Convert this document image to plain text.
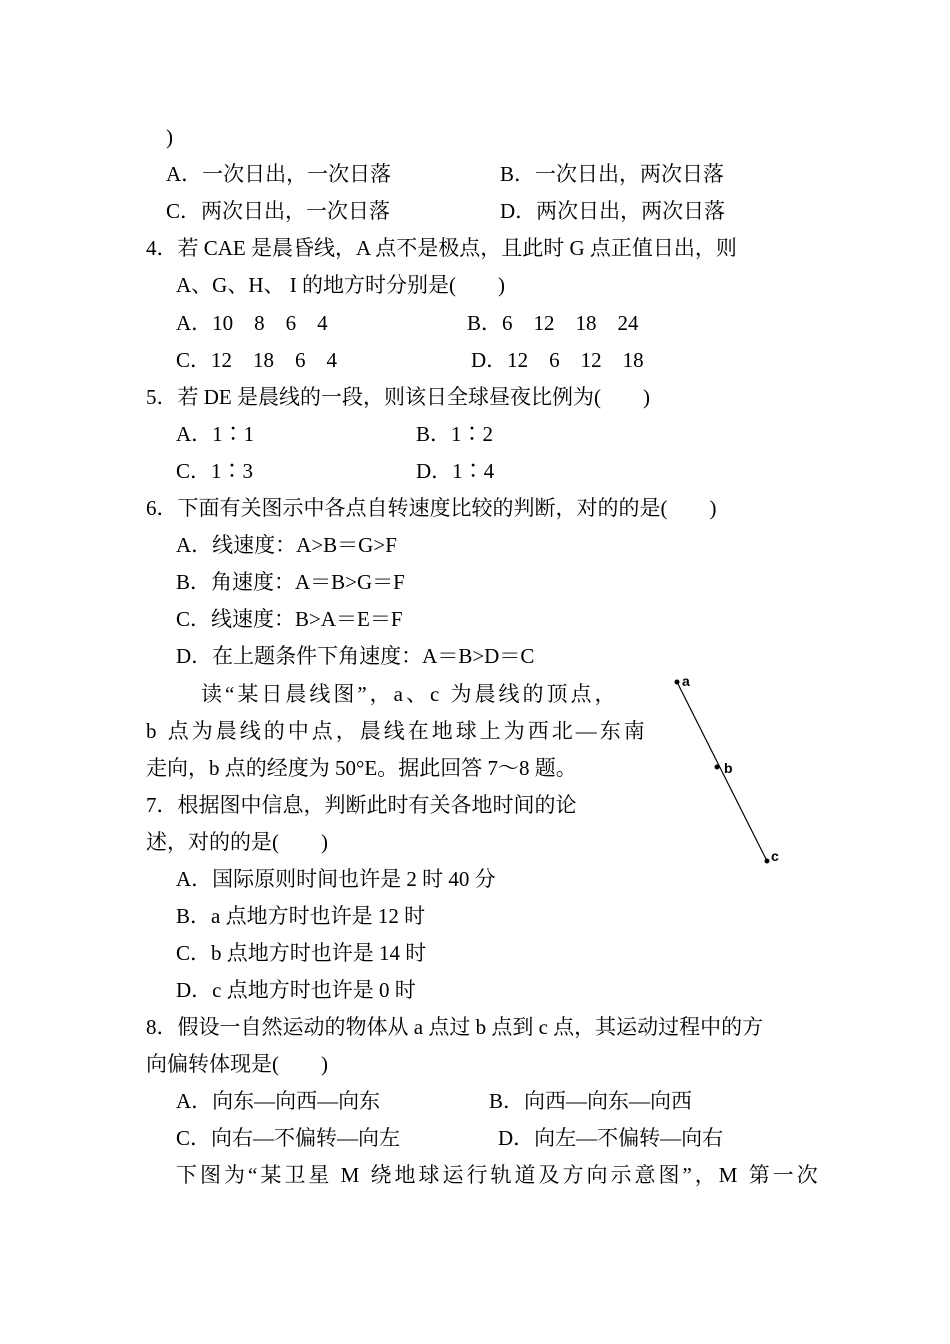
)
A．一次日出，一次日落	B．一次日出，两次日落
C．两次日出，一次日落	D．两次日出，两次日落
4．若 CAE 是晨昏线，A 点不是极点，且此时 G 点正值日出，则
A、G、H、 I 的地方时分别是(　　)
A．10　8　6　4	B．6　12　18　24
C．12　18　6　4	D．12　6　12　18
5．若 DE 是晨线的一段，则该日全球昼夜比例为(　　)
A．1∶1	B．1∶2
C．1∶3	D．1∶4
6．下面有关图示中各点自转速度比较的判断，对的的是(　　)
A．线速度：A>B＝G>F
B．角速度：A＝B>G＝F
C．线速度：B>A＝E＝F
D．在上题条件下角速度：A＝B>D＝C
读“某日晨线图”，a、c 为晨线的顶点，
b 点为晨线的中点，晨线在地球上为西北—东南
走向，b 点的经度为 50°E。据此回答 7～8 题。
a
b
c
7．根据图中信息，判断此时有关各地时间的论
述，对的的是(　　)
A．国际原则时间也许是 2 时 40 分
B．a 点地方时也许是 12 时
C．b 点地方时也许是 14 时
D．c 点地方时也许是 0 时
8．假设一自然运动的物体从 a 点过 b 点到 c 点，其运动过程中的方
向偏转体现是(　　)
A．向东—向西—向东	B．向西—向东—向西
C．向右—不偏转—向左	D．向左—不偏转—向右
下图为“某卫星 M 绕地球运行轨道及方向示意图”，M 第一次
